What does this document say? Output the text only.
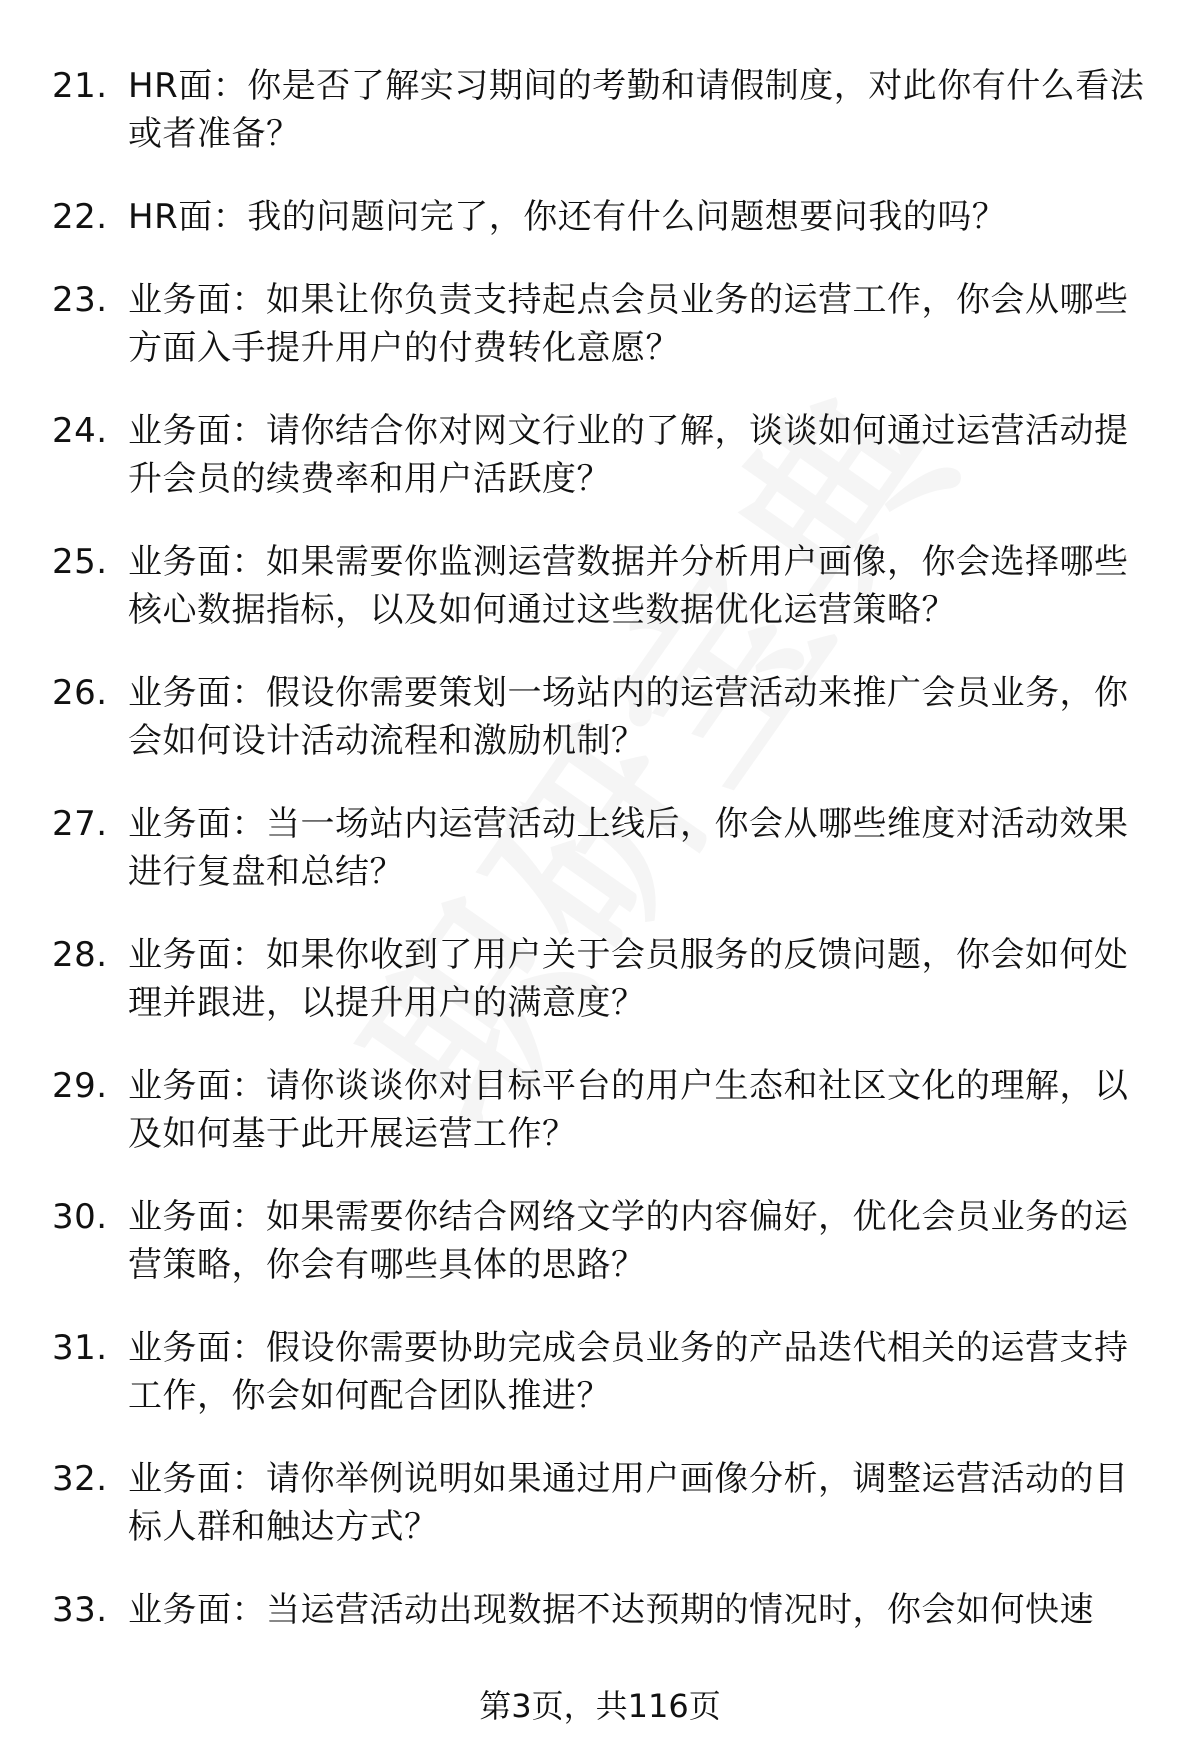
21. HR面：你是否了解实习期间的考勤和请假制度，对此你有什么看法或者准备？
22. HR面：我的问题问完了，你还有什么问题想要问我的吗？
23. 业务面：如果让你负责支持起点会员业务的运营工作，你会从哪些方面入手提升用户的付费转化意愿？
24. 业务面：请你结合你对网文行业的了解，谈谈如何通过运营活动提升会员的续费率和用户活跃度？
25. 业务面：如果需要你监测运营数据并分析用户画像，你会选择哪些核心数据指标，以及如何通过这些数据优化运营策略？
26. 业务面：假设你需要策划一场站内的运营活动来推广会员业务，你会如何设计活动流程和激励机制？
27. 业务面：当一场站内运营活动上线后，你会从哪些维度对活动效果进行复盘和总结？
28. 业务面：如果你收到了用户关于会员服务的反馈问题，你会如何处理并跟进，以提升用户的满意度？
29. 业务面：请你谈谈你对目标平台的用户生态和社区文化的理解，以及如何基于此开展运营工作？
30. 业务面：如果需要你结合网络文学的内容偏好，优化会员业务的运营策略，你会有哪些具体的思路？
31. 业务面：假设你需要协助完成会员业务的产品迭代相关的运营支持工作，你会如何配合团队推进？
32. 业务面：请你举例说明如果通过用户画像分析，调整运营活动的目标人群和触达方式？
33. 业务面：当运营活动出现数据不达预期的情况时，你会如何快速
第3页，共116页
